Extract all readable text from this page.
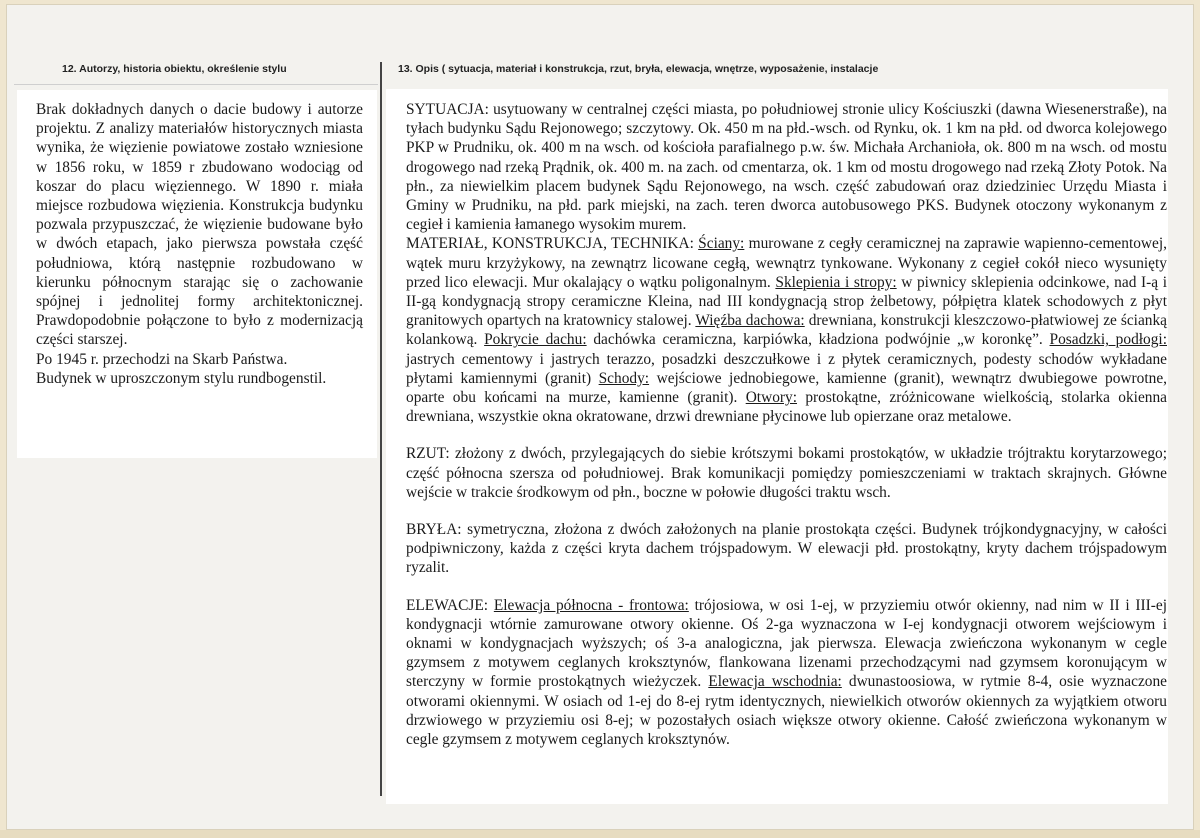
12. Autorzy, historia obiektu, określenie stylu	13. Opis ( sytuacja, materiał i konstrukcja, rzut, bryła, elewacja, wnętrze, wyposażenie, instalacje

Brak dokładnych danych o dacie budowy i autorze projektu. Z analizy materiałów historycznych miasta wynika, że więzienie powiatowe zostało wzniesione w 1856 roku, w 1859 r zbudowano wodociąg od koszar do placu więziennego. W 1890 r. miała miejsce rozbudowa więzienia. Konstrukcja budynku pozwala przypuszczać, że więzienie budowane było w dwóch etapach, jako pierwsza powstała część południowa, którą następnie rozbudowano w kierunku północnym starając się o zachowanie spójnej i jednolitej formy architektonicznej. Prawdopodobnie połączone to było z modernizacją części starszej.

Po 1945 r. przechodzi na Skarb Państwa.

Budynek w uproszczonym stylu rundbogenstil.

SYTUACJA: usytuowany w centralnej części miasta, po południowej stronie ulicy Kościuszki (dawna Wiesenerstraße), na tyłach budynku Sądu Rejonowego; szczytowy. Ok. 450 m na płd.-wsch. od Rynku, ok. 1 km na płd. od dworca kolejowego PKP w Prudniku, ok. 400 m na wsch. od kościoła parafialnego p.w. św. Michała Archanioła, ok. 800 m na wsch. od mostu drogowego nad rzeką Prądnik, ok. 400 m. na zach. od cmentarza, ok. 1 km od mostu drogowego nad rzeką Złoty Potok. Na płn., za niewielkim placem budynek Sądu Rejonowego, na wsch. część zabudowań oraz dziedziniec Urzędu Miasta i Gminy w Prudniku, na płd. park miejski, na zach. teren dworca autobusowego PKS. Budynek otoczony wykonanym z cegieł i kamienia łamanego wysokim murem.

MATERIAŁ, KONSTRUKCJA, TECHNIKA: Ściany: murowane z cegły ceramicznej na zaprawie wapienno-cementowej, wątek muru krzyżykowy, na zewnątrz licowane cegłą, wewnątrz tynkowane. Wykonany z cegieł cokół nieco wysunięty przed lico elewacji. Mur okalający o wątku poligonalnym. Sklepienia i stropy: w piwnicy sklepienia odcinkowe, nad I-ą i II-gą kondygnacją stropy ceramiczne Kleina, nad III kondygnacją strop żelbetowy, półpiętra klatek schodowych z płyt granitowych opartych na kratownicy stalowej. Więźba dachowa: drewniana, konstrukcji kleszczowo-płatwiowej ze ścianką kolankową. Pokrycie dachu: dachówka ceramiczna, karpiówka, kładziona podwójnie „w koronkę”. Posadzki, podłogi: jastrych cementowy i jastrych terazzo, posadzki deszczułkowe i z płytek ceramicznych, podesty schodów wykładane płytami kamiennymi (granit) Schody: wejściowe jednobiegowe, kamienne (granit), wewnątrz dwubiegowe powrotne, oparte obu końcami na murze, kamienne (granit). Otwory: prostokątne, zróżnicowane wielkością, stolarka okienna drewniana, wszystkie okna okratowane, drzwi drewniane płycinowe lub opierzane oraz metalowe.

RZUT: złożony z dwóch, przylegających do siebie krótszymi bokami prostokątów, w układzie trójtraktu korytarzowego; część północna szersza od południowej. Brak komunikacji pomiędzy pomieszczeniami w traktach skrajnych. Główne wejście w trakcie środkowym od płn., boczne w połowie długości traktu wsch.

BRYŁA: symetryczna, złożona z dwóch założonych na planie prostokąta części. Budynek trójkondygnacyjny, w całości podpiwniczony, każda z części kryta dachem trójspadowym. W elewacji płd. prostokątny, kryty dachem trójspadowym ryzalit.

ELEWACJE: Elewacja północna - frontowa: trójosiowa, w osi 1-ej, w przyziemiu otwór okienny, nad nim w II i III-ej kondygnacji wtórnie zamurowane otwory okienne. Oś 2-ga wyznaczona w I-ej kondygnacji otworem wejściowym i oknami w kondygnacjach wyższych; oś 3-a analogiczna, jak pierwsza. Elewacja zwieńczona wykonanym w cegle gzymsem z motywem ceglanych kroksztynów, flankowana lizenami przechodzącymi nad gzymsem koronującym w sterczyny w formie prostokątnych wieżyczek. Elewacja wschodnia: dwunastoosiowa, w rytmie 8-4, osie wyznaczone otworami okiennymi. W osiach od 1-ej do 8-ej rytm identycznych, niewielkich otworów okiennych za wyjątkiem otworu drzwiowego w przyziemiu osi 8-ej; w pozostałych osiach większe otwory okienne. Całość zwieńczona wykonanym w cegle gzymsem z motywem ceglanych kroksztynów.
